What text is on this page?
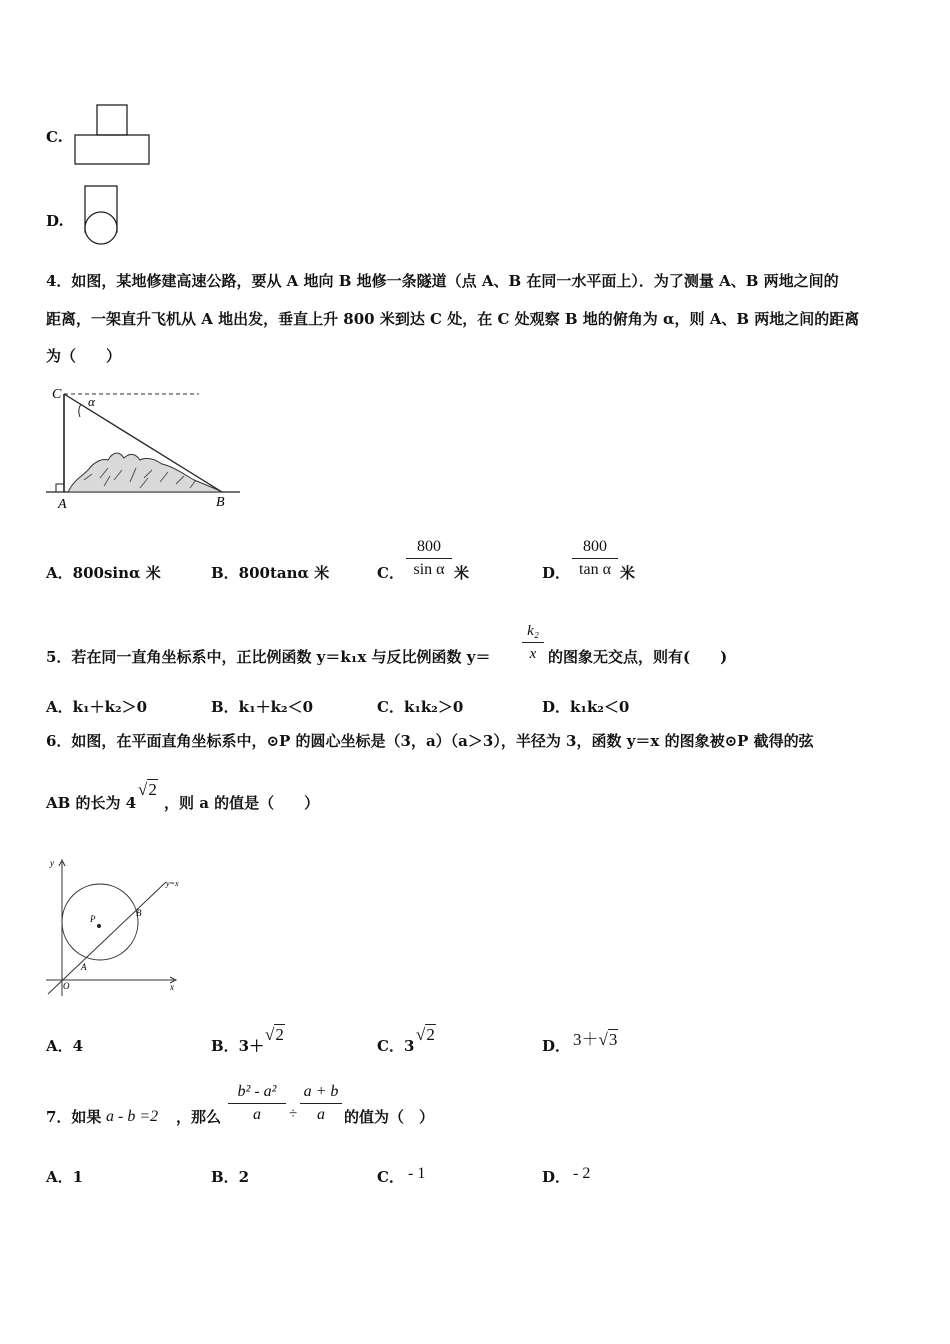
C.
D.
4．如图，某地修建高速公路，要从 A 地向 B 地修一条隧道（点 A、B 在同一水平面上）．为了测量 A、B 两地之间的
距离，一架直升飞机从 A 地出发，垂直上升 800 米到达 C 处，在 C 处观察 B 地的俯角为 α，则 A、B 两地之间的距离
为（　　）
C α
A	B
A．800sinα 米	B．800tanα 米	C．
800
sin α 米	D．
800
tan α 米
5．若在同一直角坐标系中，正比例函数 y＝k₁x 与反比例函数 y＝
k₂
x 的图象无交点，则有(　　)
A．k₁＋k₂＞0	B．k₁＋k₂＜0	C．k₁k₂＞0	D．k₁k₂＜0
6．如图，在平面直角坐标系中，⊙P 的圆心坐标是（3，a）（a＞3），半径为 3，函数 y＝x 的图象被⊙P 截得的弦
AB 的长为 4
√2
，则 a 的值是（　　）
y
x
O
P
A
B
y=x
A．4	B．3＋
√2
C．3
√2
D． 3＋√3
7．如果 a - b =2 ，那么
b² - a²
a	÷
a + b
a	的值为（　）
A．1	B．2	C． - 1	D． - 2
